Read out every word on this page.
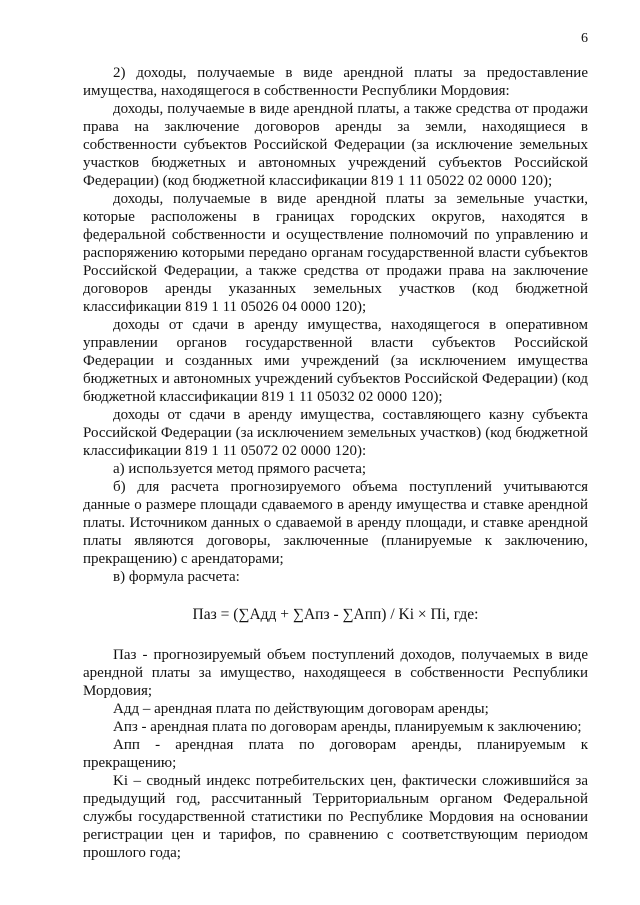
6

2) доходы, получаемые в виде арендной платы за предоставление имущества, находящегося в собственности Республики Мордовия:

доходы, получаемые в виде арендной платы, а также средства от продажи права на заключение договоров аренды за земли, находящиеся в собственности субъектов Российской Федерации (за исключение земельных участков бюджетных и автономных учреждений субъектов Российской Федерации) (код бюджетной классификации 819 1 11 05022 02 0000 120);

доходы, получаемые в виде арендной платы за земельные участки, которые расположены в границах городских округов, находятся в федеральной собственности и осуществление полномочий по управлению и распоряжению которыми передано органам государственной власти субъектов Российской Федерации, а также средства от продажи права на заключение договоров аренды указанных земельных участков (код бюджетной классификации 819 1 11 05026 04 0000 120);

доходы от сдачи в аренду имущества, находящегося в оперативном управлении органов государственной власти субъектов Российской Федерации и созданных ими учреждений (за исключением имущества бюджетных и автономных учреждений субъектов Российской Федерации) (код бюджетной классификации 819 1 11 05032 02 0000 120);

доходы от сдачи в аренду имущества, составляющего казну субъекта Российской Федерации (за исключением земельных участков) (код бюджетной классификации 819 1 11 05072 02 0000 120):

а) используется метод прямого расчета;

б) для расчета прогнозируемого объема поступлений учитываются данные о размере площади сдаваемого в аренду имущества и ставке арендной платы. Источником данных о сдаваемой в аренду площади, и ставке арендной платы являются договоры, заключенные (планируемые к заключению, прекращению) с арендаторами;

в) формула расчета:

Паз = (∑Адд + ∑Апз - ∑Апп) / Ki × Пi, где:

Паз - прогнозируемый объем поступлений доходов, получаемых в виде арендной платы за имущество, находящееся в собственности Республики Мордовия;

Адд – арендная плата по действующим договорам аренды;

Апз - арендная плата по договорам аренды, планируемым к заключению;

Апп - арендная плата по договорам аренды, планируемым к прекращению;

Ki – сводный индекс потребительских цен, фактически сложившийся за предыдущий год, рассчитанный Территориальным органом Федеральной службы государственной статистики по Республике Мордовия на основании регистрации цен и тарифов, по сравнению с соответствующим периодом прошлого года;
